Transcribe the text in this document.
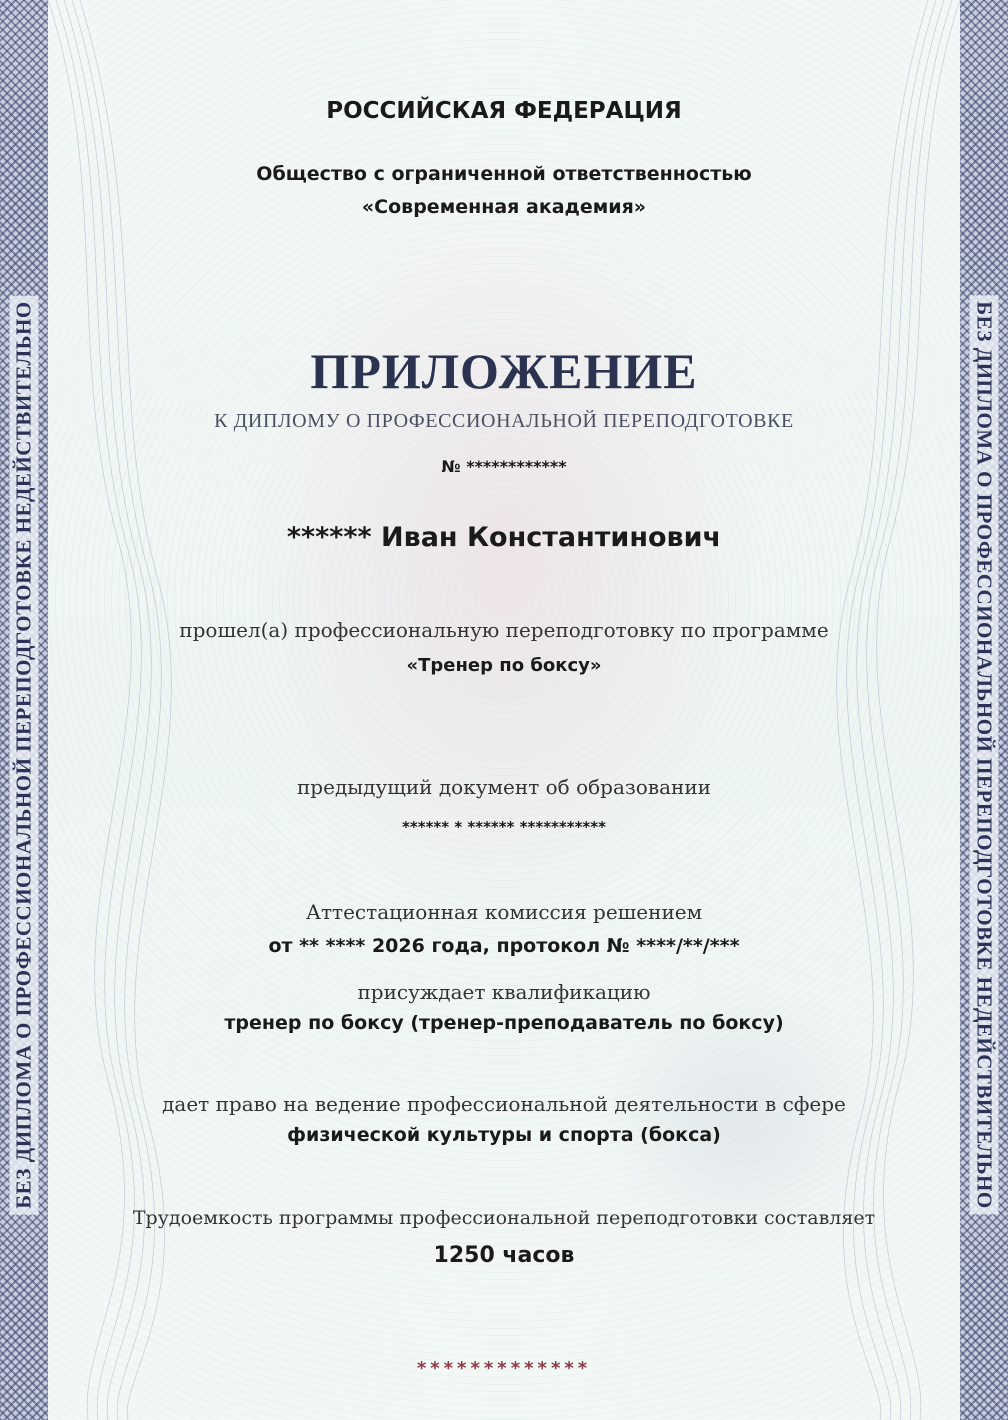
БЕЗ ДИПЛОМА О ПРОФЕССИОНАЛЬНОЙ ПЕРЕПОДГОТОВКЕ НЕДЕЙСТВИТЕЛЬНО	БЕЗ ДИПЛОМА О ПРОФЕССИОНАЛЬНОЙ ПЕРЕПОДГОТОВКЕ НЕДЕЙСТВИТЕЛЬНО
РОССИЙСКАЯ ФЕДЕРАЦИЯ
Общество с ограниченной ответственностью
«Современная академия»
ПРИЛОЖЕНИЕ
К ДИПЛОМУ О ПРОФЕССИОНАЛЬНОЙ ПЕРЕПОДГОТОВКЕ
№ ************
****** Иван Константинович
прошел(а) профессиональную переподготовку по программе
«Тренер по боксу»
предыдущий документ об образовании
****** * ****** ***********
Аттестационная комиссия решением
от ** **** 2026 года, протокол № ****/**/***
присуждает квалификацию
тренер по боксу (тренер-преподаватель по боксу)
дает право на ведение профессиональной деятельности в сфере
физической культуры и спорта (бокса)
Трудоемкость программы профессиональной переподготовки составляет
1250 часов
*************
